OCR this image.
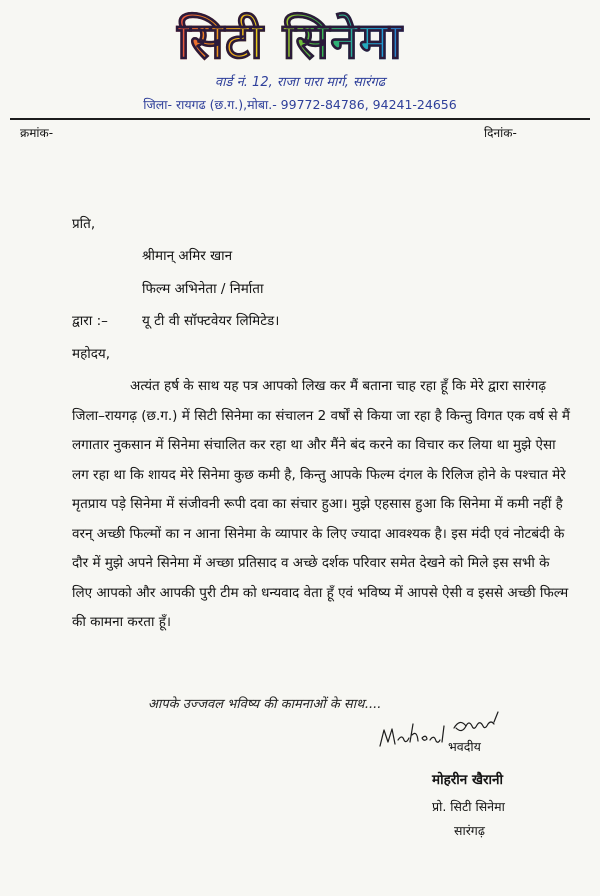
सिटी सिनेमा
वार्ड नं. 12, राजा पारा मार्ग, सारंगढ
जिला- रायगढ (छ.ग.),मोबा.- 99772-84786, 94241-24656
क्रमांक-	दिनांक-
प्रति,
श्रीमान् अमिर खान
फिल्म अभिनेता / निर्माता
द्वारा :–	यू टी वी सॉफ्टवेयर लिमिटेड।
महोदय,
अत्यंत हर्ष के साथ यह पत्र आपको लिख कर मैं बताना चाह रहा हूँ कि मेरे द्वारा सारंगढ़ जिला–रायगढ़ (छ.ग.) में सिटी सिनेमा का संचालन 2 वर्षों से किया जा रहा है किन्तु विगत एक वर्ष से मैं लगातार नुकसान में सिनेमा संचालित कर रहा था और मैंने बंद करने का विचार कर लिया था मुझे ऐसा लग रहा था कि शायद मेरे सिनेमा कुछ कमी है, किन्तु आपके फिल्म दंगल के रिलिज होने के पश्चात मेरे मृतप्राय पड़े सिनेमा में संजीवनी रूपी दवा का संचार हुआ। मुझे एहसास हुआ कि सिनेमा में कमी नहीं है वरन् अच्छी फिल्मों का न आना सिनेमा के व्यापार के लिए ज्यादा आवश्यक है। इस मंदी एवं नोटबंदी के दौर में मुझे अपने सिनेमा में अच्छा प्रतिसाद व अच्छे दर्शक परिवार समेत देखने को मिले इस सभी के लिए आपको और आपकी पुरी टीम को धन्यवाद वेता हूँ एवं भविष्य में आपसे ऐसी व इससे अच्छी फिल्म की कामना करता हूँ।
आपके उज्जवल भविष्य की कामनाओं के साथ....
भवदीय
मोहरीन खैरानी
प्रो. सिटी सिनेमा
सारंगढ़
